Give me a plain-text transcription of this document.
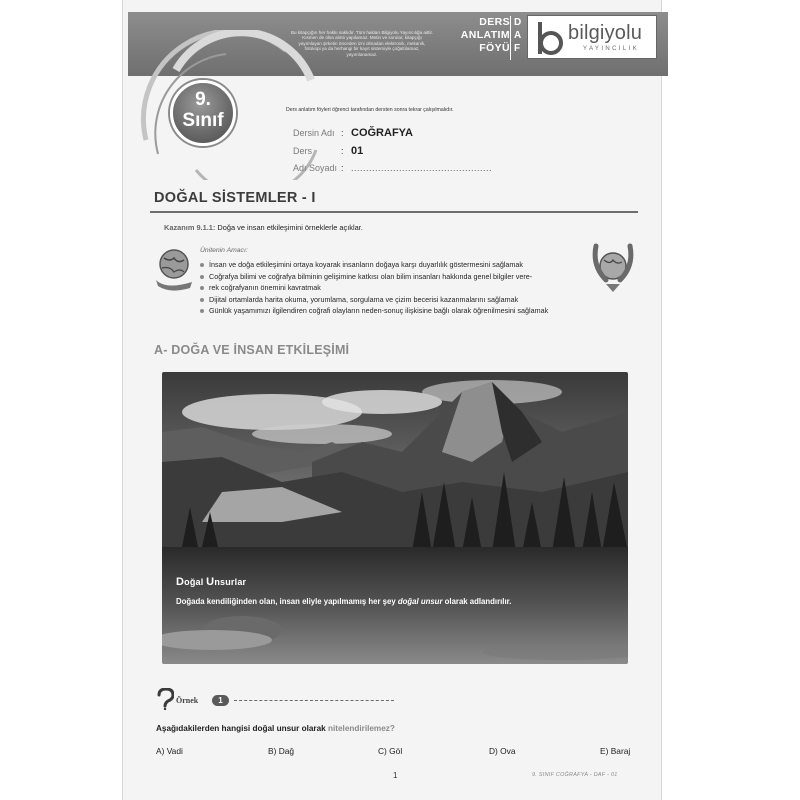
Bu kitapçığın her hakkı saklıdır. Tüm hakları Bilgiyolu Yayıncılığa aittir.
Kısmen de olsa alıntı yapılamaz. Metin ve sorular, kitapçığı
yayımlayan şirketin önceden izni olmadan elektronik, mekanik,
fotokopi ya da herhangi bir kayıt sistemiyle çoğaltılamaz,
yayımlanamaz.
DERS
ANLATIM
FÖYÜ
D
A
F
bilgiyolu
YAYINCILIK
9.
Sınıf	Ders anlatım föyleri öğrenci tarafından dersten sonra tekrar çalışılmalıdır.
Dersin Adı : COĞRAFYA
Ders	: 01
Adı Soyadı : ...............................................
DOĞAL SİSTEMLER - I
Kazanım 9.1.1: Doğa ve insan etkileşimini örneklerle açıklar.
Ünitenin Amacı:
İnsan ve doğa etkileşimini ortaya koyarak insanların doğaya karşı duyarlılık göstermesini sağlamak
Coğrafya bilimi ve coğrafya bilminin gelişimine katkısı olan bilim insanları hakkında genel bilgiler vere-
rek coğrafyanın önemini kavratmak
Dijital ortamlarda harita okuma, yorumlama, sorgulama ve çizim becerisi kazanmalarını sağlamak
Günlük yaşamımızı ilgilendiren coğrafi olayların neden-sonuç ilişkisine bağlı olarak öğrenilmesini sağlamak
A- DOĞA VE İNSAN ETKİLEŞİMİ
Doğal Unsurlar
Doğada kendiliğinden olan, insan eliyle yapılmamış her şey doğal unsur olarak adlandırılır.
Örnek	1
Aşağıdakilerden hangisi doğal unsur olarak nitelendirilemez?
A) Vadi	B) Dağ	C) Göl	D) Ova	E) Baraj
1	9. SINIF COĞRAFYA - DAF - 01
